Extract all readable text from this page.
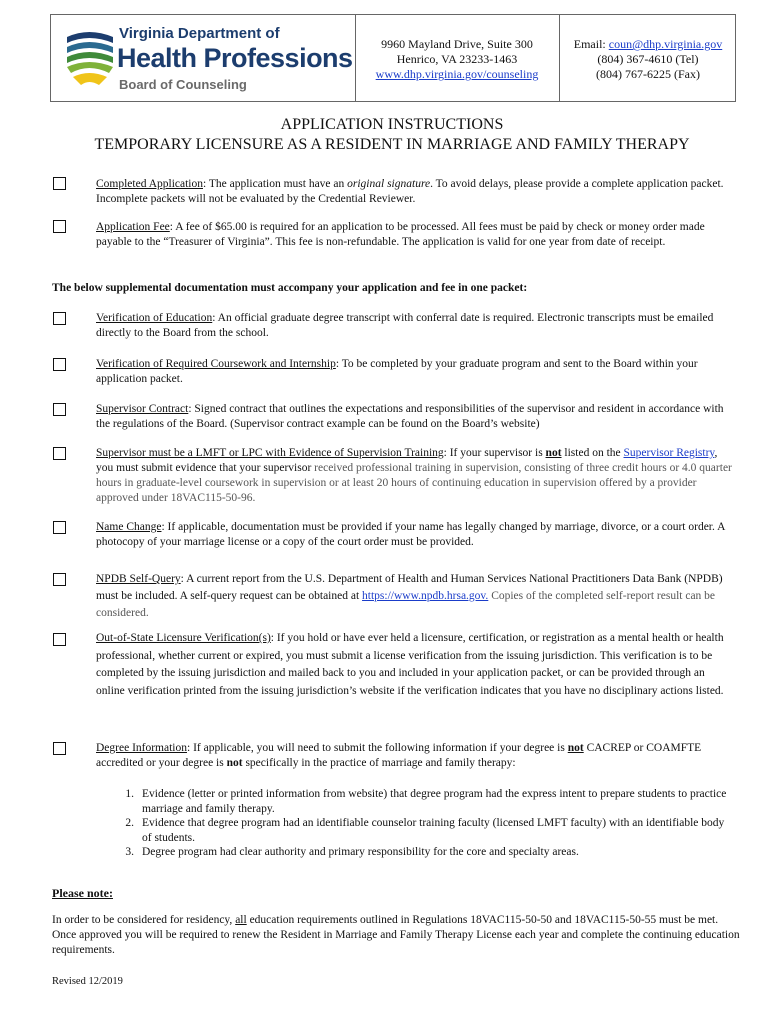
Virginia Department of
Health Professions
Board of Counseling
9960 Mayland Drive, Suite 300
Henrico, VA 23233-1463
www.dhp.virginia.gov/counseling
Email: coun@dhp.virginia.gov
(804) 367-4610 (Tel)
(804) 767-6225 (Fax)
APPLICATION INSTRUCTIONS
TEMPORARY LICENSURE AS A RESIDENT IN MARRIAGE AND FAMILY THERAPY
Completed Application: The application must have an original signature. To avoid delays, please provide a complete application packet. Incomplete packets will not be evaluated by the Credential Reviewer.
Application Fee: A fee of $65.00 is required for an application to be processed. All fees must be paid by check or money order made payable to the “Treasurer of Virginia”. This fee is non-refundable. The application is valid for one year from date of receipt.
The below supplemental documentation must accompany your application and fee in one packet:
Verification of Education: An official graduate degree transcript with conferral date is required. Electronic transcripts must be emailed directly to the Board from the school.
Verification of Required Coursework and Internship: To be completed by your graduate program and sent to the Board within your application packet.
Supervisor Contract: Signed contract that outlines the expectations and responsibilities of the supervisor and resident in accordance with the regulations of the Board. (Supervisor contract example can be found on the Board’s website)
Supervisor must be a LMFT or LPC with Evidence of Supervision Training: If your supervisor is not listed on the Supervisor Registry, you must submit evidence that your supervisor received professional training in supervision, consisting of three credit hours or 4.0 quarter hours in graduate-level coursework in supervision or at least 20 hours of continuing education in supervision offered by a provider approved under 18VAC115-50-96.
Name Change: If applicable, documentation must be provided if your name has legally changed by marriage, divorce, or a court order. A photocopy of your marriage license or a copy of the court order must be provided.
NPDB Self-Query: A current report from the U.S. Department of Health and Human Services National Practitioners Data Bank (NPDB) must be included. A self-query request can be obtained at https://www.npdb.hrsa.gov. Copies of the completed self-report result can be considered.
Out-of-State Licensure Verification(s): If you hold or have ever held a licensure, certification, or registration as a mental health or health professional, whether current or expired, you must submit a license verification from the issuing jurisdiction. This verification is to be completed by the issuing jurisdiction and mailed back to you and included in your application packet, or can be provided through an online verification printed from the issuing jurisdiction’s website if the verification indicates that you have no disciplinary actions listed.
Degree Information: If applicable, you will need to submit the following information if your degree is not CACREP or COAMFTE accredited or your degree is not specifically in the practice of marriage and family therapy:
1. Evidence (letter or printed information from website) that degree program had the express intent to prepare students to practice marriage and family therapy.
2. Evidence that degree program had an identifiable counselor training faculty (licensed LMFT faculty) with an identifiable body of students.
3. Degree program had clear authority and primary responsibility for the core and specialty areas.
Please note:
In order to be considered for residency, all education requirements outlined in Regulations 18VAC115-50-50 and 18VAC115-50-55 must be met. Once approved you will be required to renew the Resident in Marriage and Family Therapy License each year and complete the continuing education requirements.
Revised 12/2019
